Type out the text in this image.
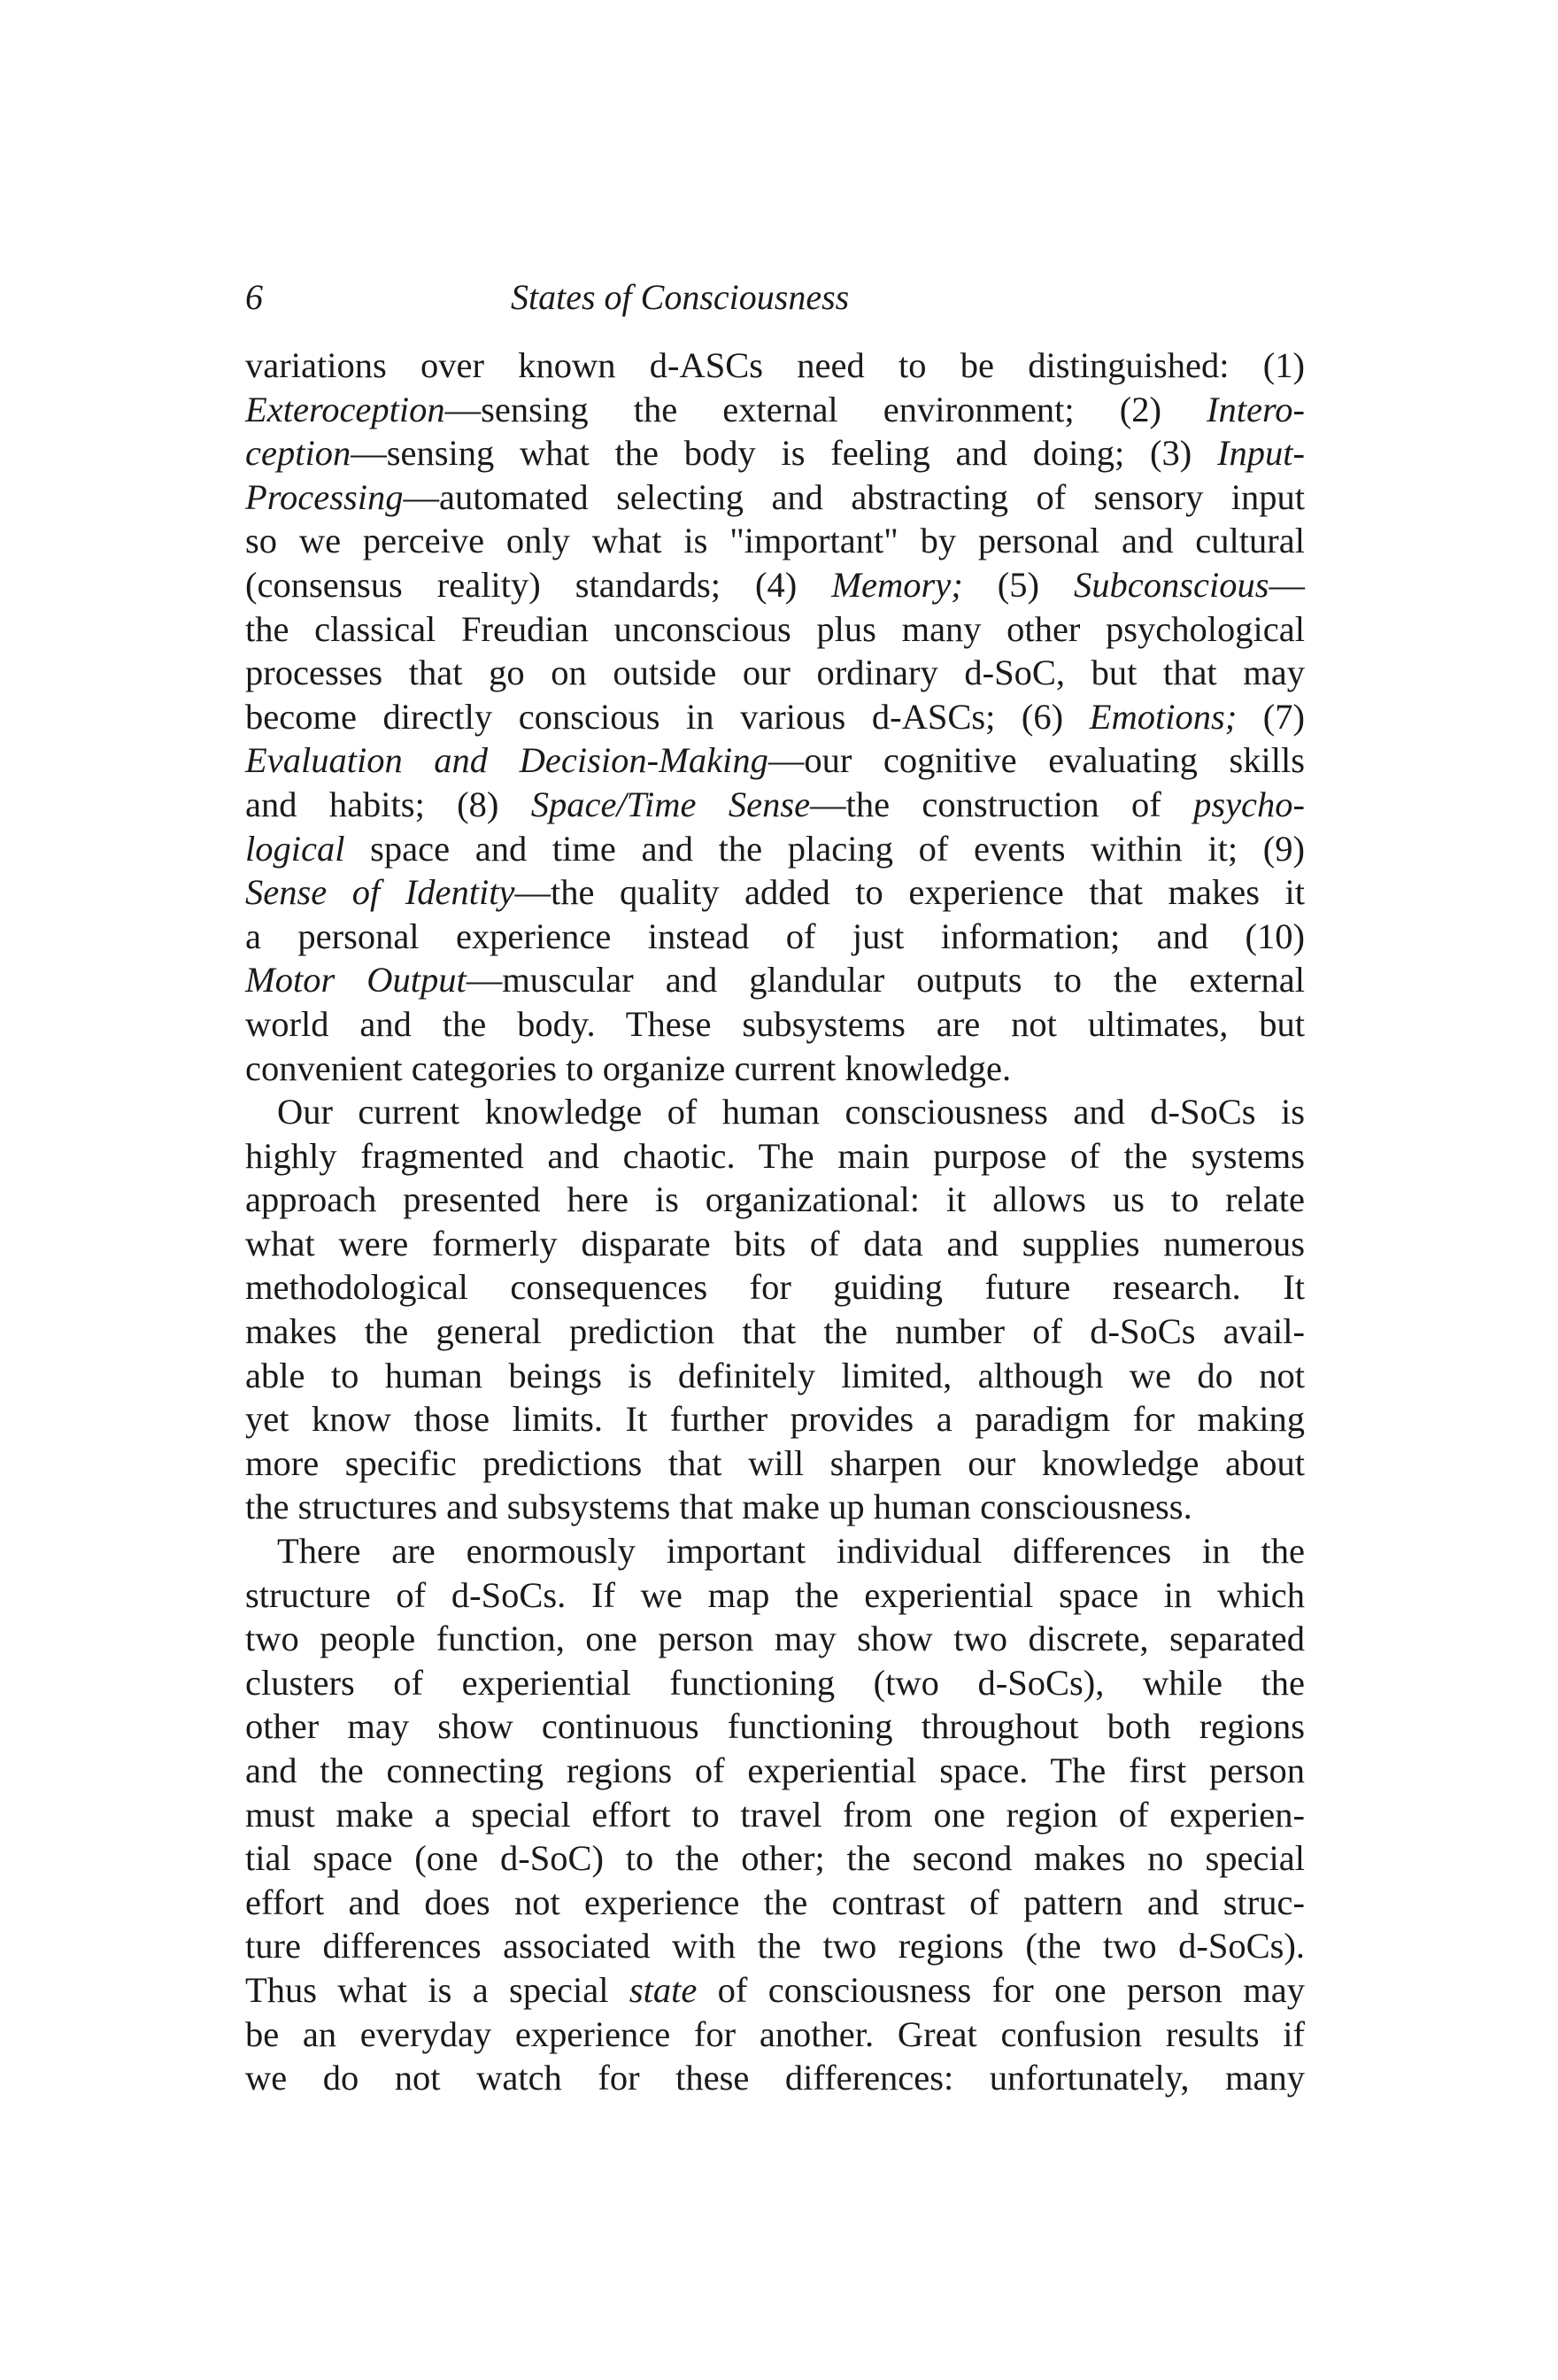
6	States of Consciousness
variations over known d-ASCs need to be distinguished: (1)
Exteroception—sensing the external environment; (2) Intero-
ception—sensing what the body is feeling and doing; (3) Input-
Processing—automated selecting and abstracting of sensory input
so we perceive only what is "important" by personal and cultural
(consensus reality) standards; (4) Memory; (5) Subconscious—
the classical Freudian unconscious plus many other psychological
processes that go on outside our ordinary d-SoC, but that may
become directly conscious in various d-ASCs; (6) Emotions; (7)
Evaluation and Decision-Making—our cognitive evaluating skills
and habits; (8) Space/Time Sense—the construction of psycho-
logical space and time and the placing of events within it; (9)
Sense of Identity—the quality added to experience that makes it
a personal experience instead of just information; and (10)
Motor Output—muscular and glandular outputs to the external
world and the body. These subsystems are not ultimates, but
convenient categories to organize current knowledge.
Our current knowledge of human consciousness and d-SoCs is
highly fragmented and chaotic. The main purpose of the systems
approach presented here is organizational: it allows us to relate
what were formerly disparate bits of data and supplies numerous
methodological consequences for guiding future research. It
makes the general prediction that the number of d-SoCs avail-
able to human beings is definitely limited, although we do not
yet know those limits. It further provides a paradigm for making
more specific predictions that will sharpen our knowledge about
the structures and subsystems that make up human consciousness.
There are enormously important individual differences in the
structure of d-SoCs. If we map the experiential space in which
two people function, one person may show two discrete, separated
clusters of experiential functioning (two d-SoCs), while the
other may show continuous functioning throughout both regions
and the connecting regions of experiential space. The first person
must make a special effort to travel from one region of experien-
tial space (one d-SoC) to the other; the second makes no special
effort and does not experience the contrast of pattern and struc-
ture differences associated with the two regions (the two d-SoCs).
Thus what is a special state of consciousness for one person may
be an everyday experience for another. Great confusion results if
we do not watch for these differences: unfortunately, many
